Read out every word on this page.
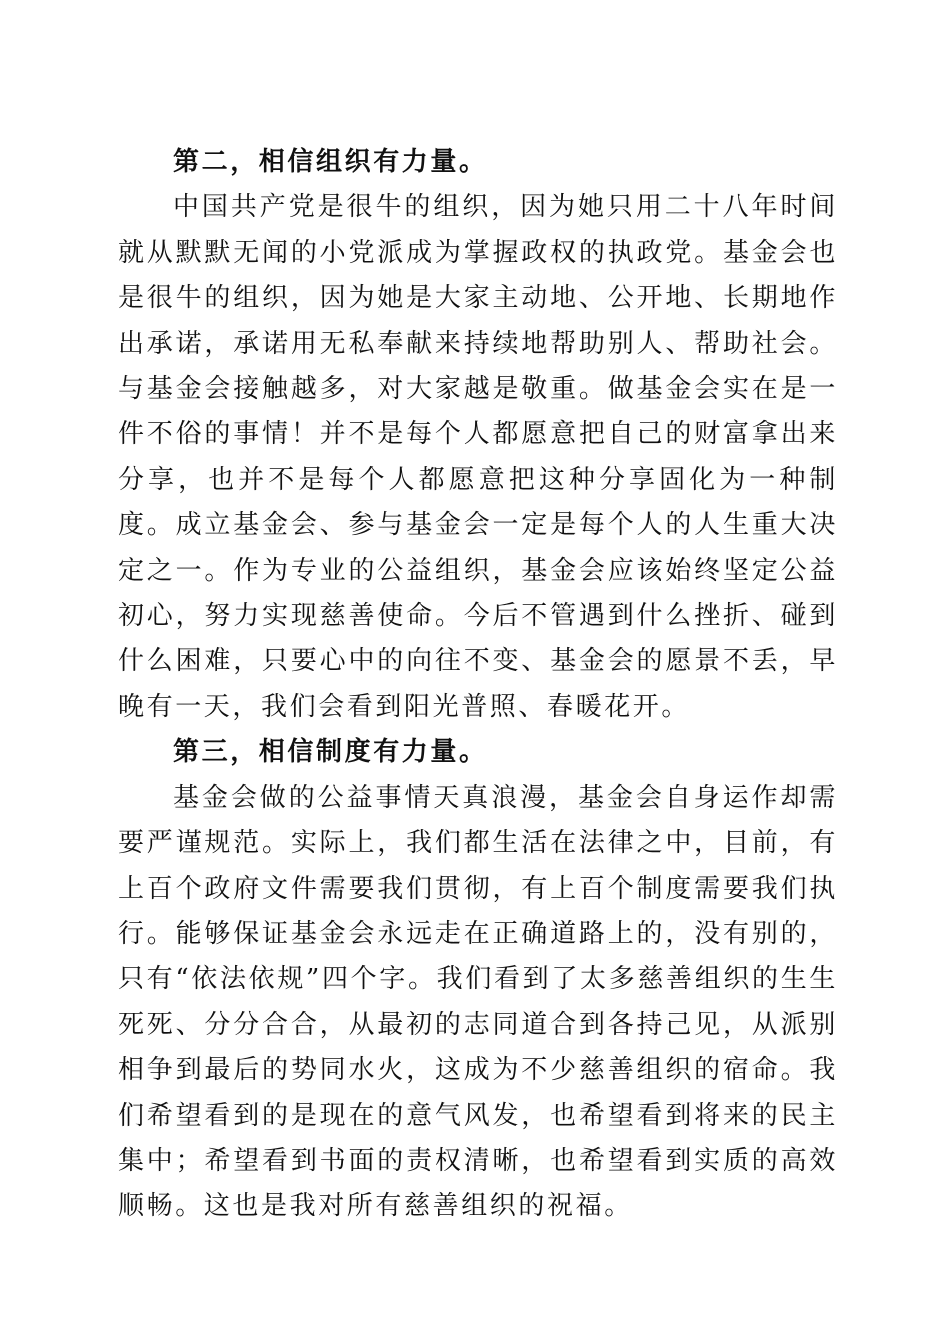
第二，相信组织有力量。

中国共产党是很牛的组织，因为她只用二十八年时间就从默默无闻的小党派成为掌握政权的执政党。基金会也是很牛的组织，因为她是大家主动地、公开地、长期地作出承诺，承诺用无私奉献来持续地帮助别人、帮助社会。与基金会接触越多，对大家越是敬重。做基金会实在是一件不俗的事情！并不是每个人都愿意把自己的财富拿出来分享，也并不是每个人都愿意把这种分享固化为一种制度。成立基金会、参与基金会一定是每个人的人生重大决定之一。作为专业的公益组织，基金会应该始终坚定公益初心，努力实现慈善使命。今后不管遇到什么挫折、碰到什么困难，只要心中的向往不变、基金会的愿景不丢，早晚有一天，我们会看到阳光普照、春暖花开。

第三，相信制度有力量。

基金会做的公益事情天真浪漫，基金会自身运作却需要严谨规范。实际上，我们都生活在法律之中，目前，有上百个政府文件需要我们贯彻，有上百个制度需要我们执行。能够保证基金会永远走在正确道路上的，没有别的，只有“依法依规”四个字。我们看到了太多慈善组织的生生死死、分分合合，从最初的志同道合到各持己见，从派别相争到最后的势同水火，这成为不少慈善组织的宿命。我们希望看到的是现在的意气风发，也希望看到将来的民主集中；希望看到书面的责权清晰，也希望看到实质的高效顺畅。这也是我对所有慈善组织的祝福。
